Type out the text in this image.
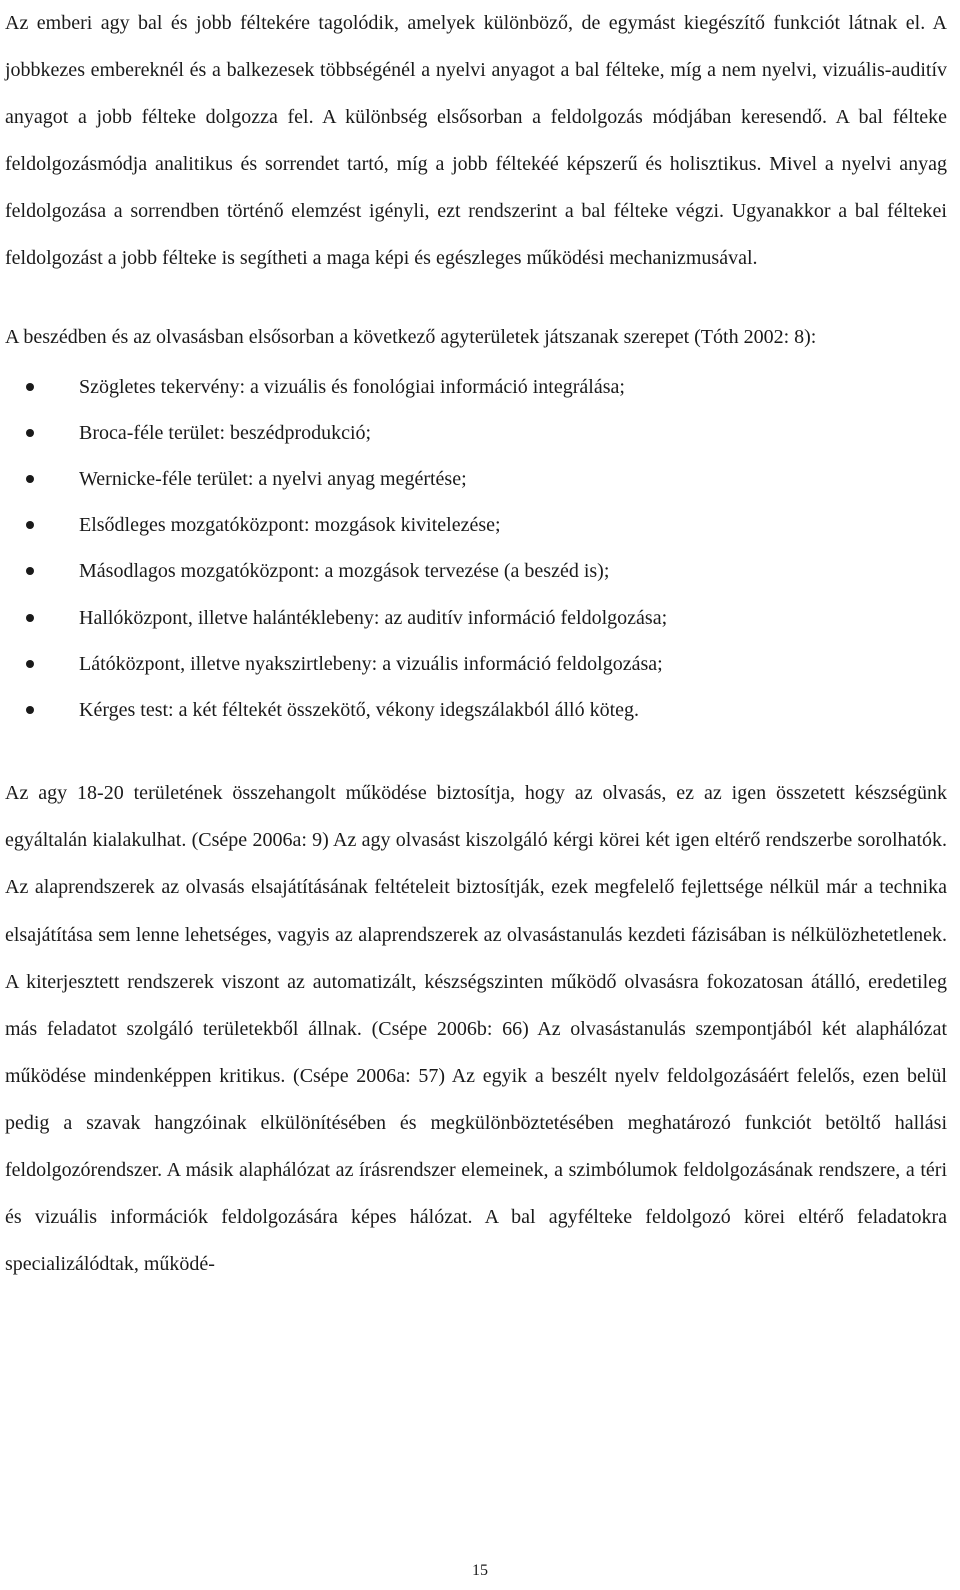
Az emberi agy bal és jobb féltekére tagolódik, amelyek különböző, de egymást kiegészítő funkciót látnak el. A jobbkezes embereknél és a balkezesek többségénél a nyelvi anyagot a bal félteke, míg a nem nyelvi, vizuális-auditív anyagot a jobb félteke dolgozza fel. A különbség elsősorban a feldolgozás módjában keresendő. A bal félteke feldolgozásmódja analitikus és sorrendet tartó, míg a jobb féltekéé képszerű és holisztikus. Mivel a nyelvi anyag feldolgozása a sorrendben történő elemzést igényli, ezt rendszerint a bal félteke végzi. Ugyanakkor a bal féltekei feldolgozást a jobb félteke is segítheti a maga képi és egészleges működési mechanizmusával.

A beszédben és az olvasásban elsősorban a következő agyterületek játszanak szerepet (Tóth 2002: 8):

Szögletes tekervény: a vizuális és fonológiai információ integrálása;
Broca-féle terület: beszédprodukció;
Wernicke-féle terület: a nyelvi anyag megértése;
Elsődleges mozgatóközpont: mozgások kivitelezése;
Másodlagos mozgatóközpont: a mozgások tervezése (a beszéd is);
Hallóközpont, illetve halántéklebeny: az auditív információ feldolgozása;
Látóközpont, illetve nyakszirtlebeny: a vizuális információ feldolgozása;
Kérges test: a két féltekét összekötő, vékony idegszálakból álló köteg.

Az agy 18-20 területének összehangolt működése biztosítja, hogy az olvasás, ez az igen összetett készségünk egyáltalán kialakulhat. (Csépe 2006a: 9) Az agy olvasást kiszolgáló kérgi körei két igen eltérő rendszerbe sorolhatók. Az alaprendszerek az olvasás elsajátításának feltételeit biztosítják, ezek megfelelő fejlettsége nélkül már a technika elsajátítása sem lenne lehetséges, vagyis az alaprendszerek az olvasástanulás kezdeti fázisában is nélkülözhetetlenek. A kiterjesztett rendszerek viszont az automatizált, készségszinten működő olvasásra fokozatosan átálló, eredetileg más feladatot szolgáló területekből állnak. (Csépe 2006b: 66) Az olvasástanulás szempontjából két alaphálózat működése mindenképpen kritikus. (Csépe 2006a: 57) Az egyik a beszélt nyelv feldolgozásáért felelős, ezen belül pedig a szavak hangzóinak elkülönítésében és megkülönböztetésében meghatározó funkciót betöltő hallási feldolgozórendszer. A másik alaphálózat az írásrendszer elemeinek, a szimbólumok feldolgozásának rendszere, a téri és vizuális információk feldolgozására képes hálózat. A bal agyfélteke feldolgozó körei eltérő feladatokra specializálódtak, működé-

15
